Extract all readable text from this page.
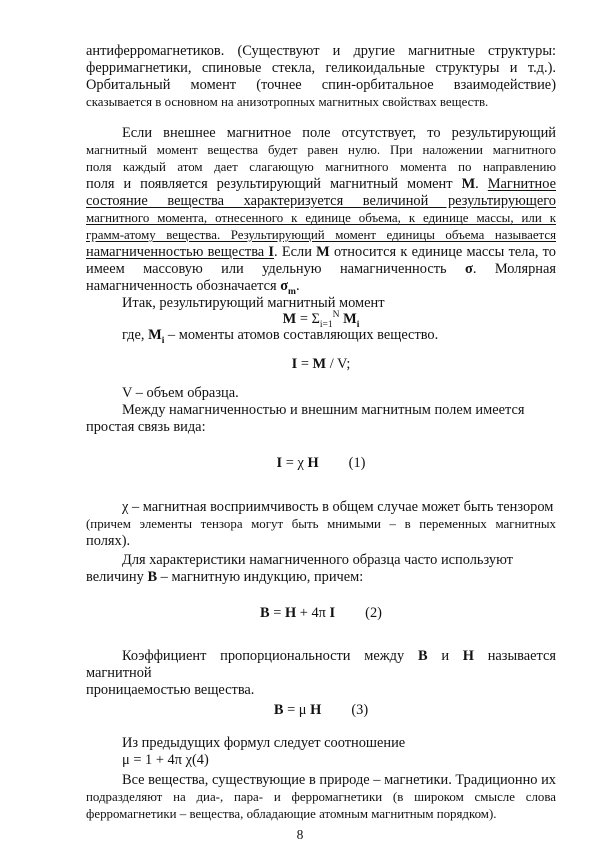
антиферромагнетиков. (Существуют и другие магнитные структуры:
ферримагнетики, спиновые стекла, геликоидальные структуры и т.д.).
Орбитальный момент (точнее спин-орбитальное взаимодействие)
сказывается в основном на анизотропных магнитных свойствах веществ.
Если внешнее магнитное поле отсутствует, то результирующий
магнитный момент вещества будет равен нулю. При наложении магнитного
поля каждый атом дает слагающую магнитного момента по направлению
поля и появляется результирующий магнитный момент M. Магнитное
состояние вещества характеризуется величиной результирующего
магнитного момента, отнесенного к единице объема, к единице массы, или к
грамм-атому вещества. Результирующий момент единицы объема называется
намагниченностью вещества I. Если M относится к единице массы тела, то
имеем массовую или удельную намагниченность σ. Молярная
намагниченность обозначается $\sigma_m$.
Итак, результирующий магнитный момент
$M = \Sigma_{i=1}^N$ $M_i$
где, $M_i$ – моменты атомов составляющих вещество.
I = M / V;
V – объем образца.
Между намагниченностью и внешним магнитным полем имеется
простая связь вида:
I = χ H (1)
χ – магнитная восприимчивость в общем случае может быть тензором
(причем элементы тензора могут быть мнимыми – в переменных магнитных
полях).
Для характеристики намагниченного образца часто используют
величину B – магнитную индукцию, причем:
B = H + 4π I (2)
Коэффициент пропорциональности между B и H называется магнитной
проницаемостью вещества.
B = μ H (3)
Из предыдущих формул следует соотношение
μ = 1 + 4π χ(4)
Все вещества, существующие в природе – магнетики. Традиционно их
подразделяют на диа-, пара- и ферромагнетики (в широком смысле слова
ферромагнетики – вещества, обладающие атомным магнитным порядком).
8
